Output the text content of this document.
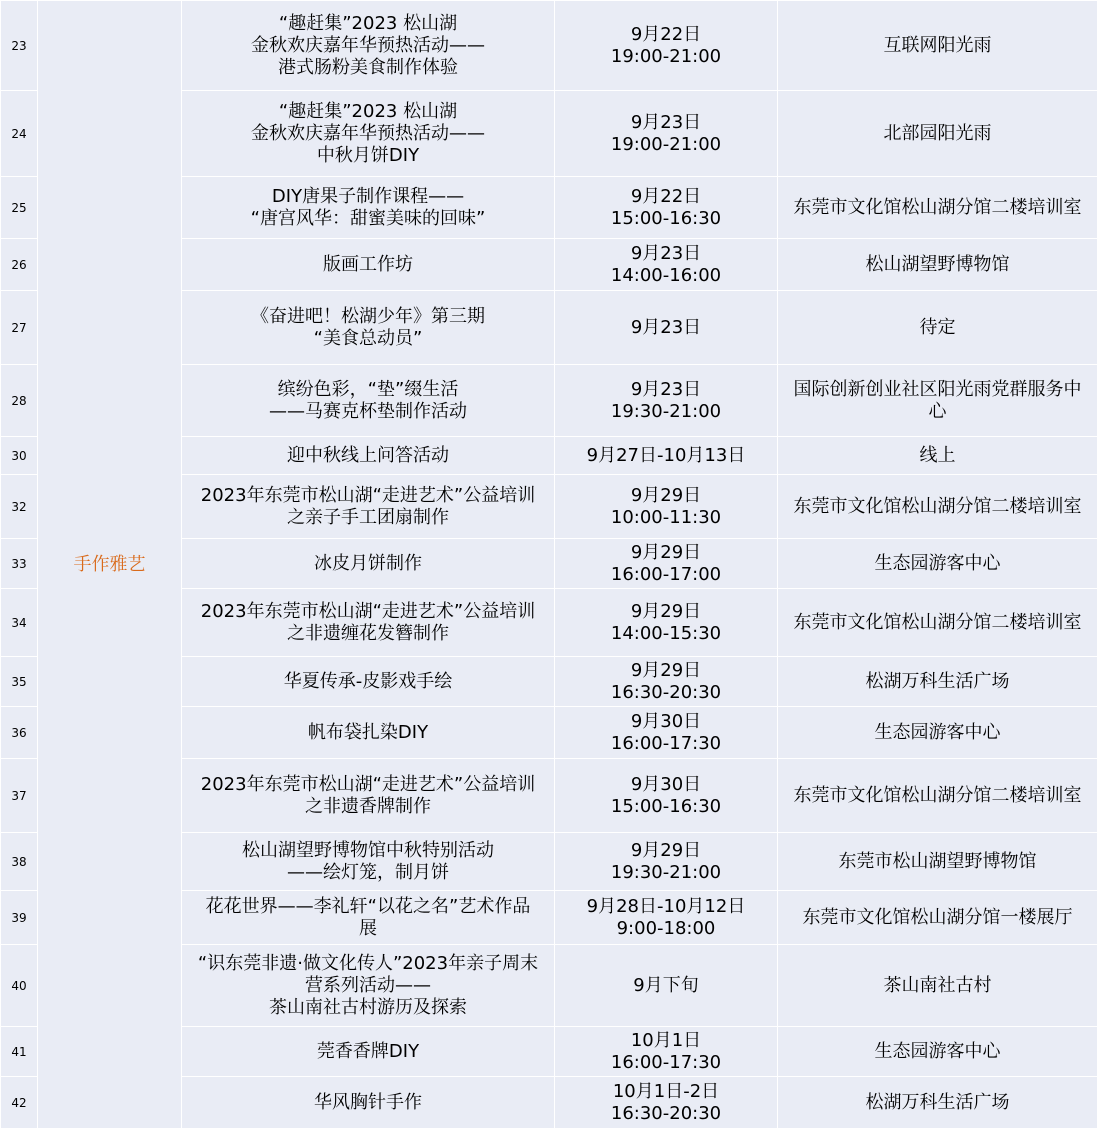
23	手作雅艺	“趣赶集”2023 松山湖
金秋欢庆嘉年华预热活动——
港式肠粉美食制作体验	9月22日
19:00-21:00	互联网阳光雨

24		“趣赶集”2023 松山湖
金秋欢庆嘉年华预热活动——
中秋月饼DIY	9月23日
19:00-21:00	北部园阳光雨

25		DIY唐果子制作课程——
“唐宫风华：甜蜜美味的回味”	9月22日
15:00-16:30	东莞市文化馆松山湖分馆二楼培训室

26		版画工作坊	9月23日
14:00-16:00	松山湖望野博物馆

27		《奋进吧！松湖少年》第三期
“美食总动员”	9月23日	待定

28		缤纷色彩，“垫”缀生活
——马赛克杯垫制作活动	9月23日
19:30-21:00	国际创新创业社区阳光雨党群服务中
心

30		迎中秋线上问答活动	9月27日-10月13日	线上

32		2023年东莞市松山湖“走进艺术”公益培训
之亲子手工团扇制作	9月29日
10:00-11:30	东莞市文化馆松山湖分馆二楼培训室

33		冰皮月饼制作	9月29日
16:00-17:00	生态园游客中心

34		2023年东莞市松山湖“走进艺术”公益培训
之非遗缠花发簪制作	9月29日
14:00-15:30	东莞市文化馆松山湖分馆二楼培训室

35		华夏传承-皮影戏手绘	9月29日
16:30-20:30	松湖万科生活广场

36		帆布袋扎染DIY	9月30日
16:00-17:30	生态园游客中心

37		2023年东莞市松山湖“走进艺术”公益培训
之非遗香牌制作	9月30日
15:00-16:30	东莞市文化馆松山湖分馆二楼培训室

38		松山湖望野博物馆中秋特别活动
——绘灯笼，制月饼	9月29日
19:30-21:00	东莞市松山湖望野博物馆

39		花花世界——李礼轩“以花之名”艺术作品
展	9月28日-10月12日
9:00-18:00	东莞市文化馆松山湖分馆一楼展厅

40		“识东莞非遗·做文化传人”2023年亲子周末
营系列活动——
茶山南社古村游历及探索	9月下旬	茶山南社古村

41		莞香香牌DIY	10月1日
16:00-17:30	生态园游客中心

42		华风胸针手作	10月1日-2日
16:30-20:30	松湖万科生活广场
